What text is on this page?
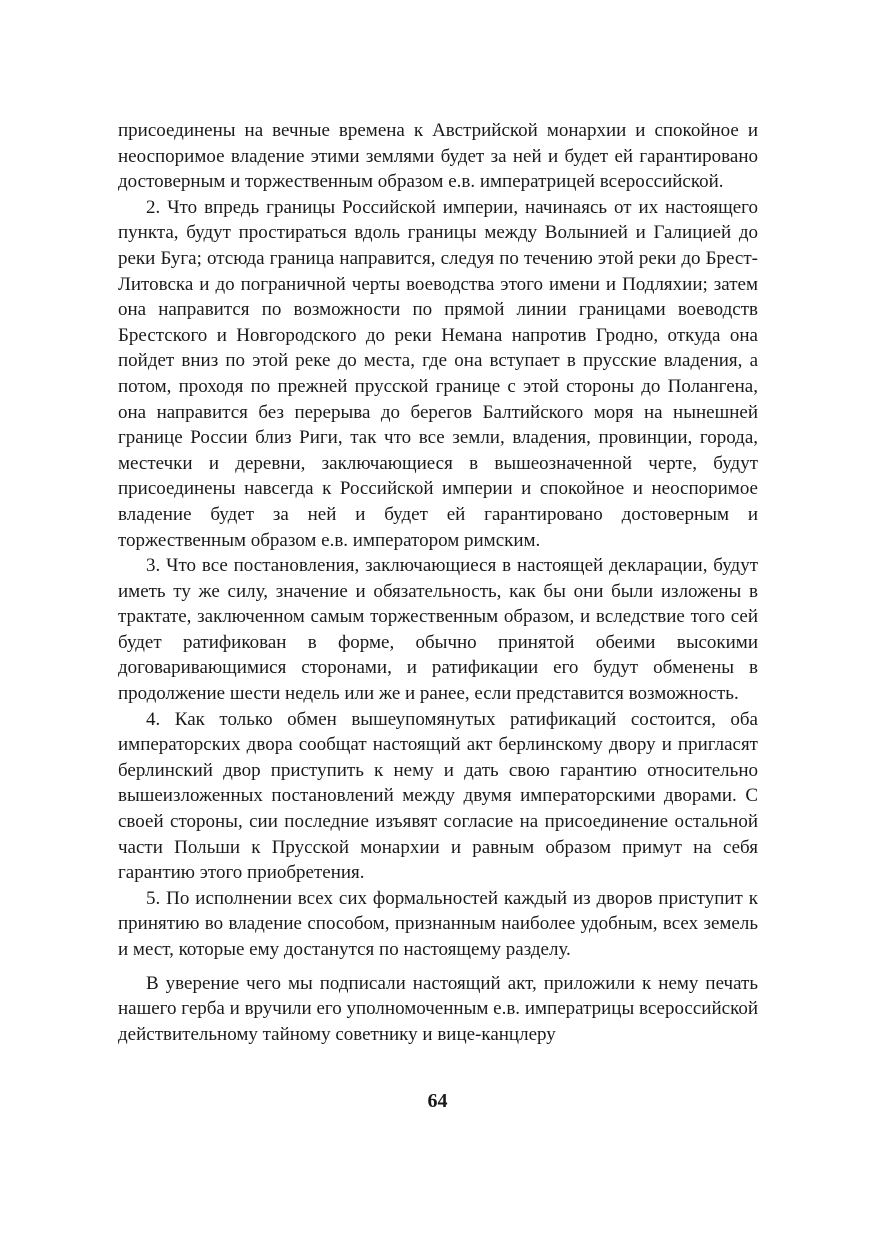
присоединены на вечные времена к Австрийской монархии и спокойное и неоспоримое владение этими землями будет за ней и будет ей гарантировано достоверным и торжественным образом е.в. императрицей всероссийской.

2. Что впредь границы Российской империи, начинаясь от их настоящего пункта, будут простираться вдоль границы между Волынией и Галицией до реки Буга; отсюда граница направится, следуя по течению этой реки до Брест-Литовска и до пограничной черты воеводства этого имени и Подляхии; затем она направится по возможности по прямой линии границами воеводств Брестского и Новгородского до реки Немана напротив Гродно, откуда она пойдет вниз по этой реке до места, где она вступает в прусские владения, а потом, проходя по прежней прусской границе с этой стороны до Полангена, она направится без перерыва до берегов Балтийского моря на нынешней границе России близ Риги, так что все земли, владения, провинции, города, местечки и деревни, заключающиеся в вышеозначенной черте, будут присоединены навсегда к Российской империи и спокойное и неоспоримое владение будет за ней и будет ей гарантировано достоверным и торжественным образом е.в. императором римским.

3. Что все постановления, заключающиеся в настоящей декларации, будут иметь ту же силу, значение и обязательность, как бы они были изложены в трактате, заключенном самым торжественным образом, и вследствие того сей будет ратификован в форме, обычно принятой обеими высокими договаривающимися сторонами, и ратификации его будут обменены в продолжение шести недель или же и ранее, если представится возможность.

4. Как только обмен вышеупомянутых ратификаций состоится, оба императорских двора сообщат настоящий акт берлинскому двору и пригласят берлинский двор приступить к нему и дать свою гарантию относительно вышеизложенных постановлений между двумя императорскими дворами. С своей стороны, сии последние изъявят согласие на присоединение остальной части Польши к Прусской монархии и равным образом примут на себя гарантию этого приобретения.

5. По исполнении всех сих формальностей каждый из дворов приступит к принятию во владение способом, признанным наиболее удобным, всех земель и мест, которые ему достанутся по настоящему разделу.

В уверение чего мы подписали настоящий акт, приложили к нему печать нашего герба и вручили его уполномоченным е.в. императрицы всероссийской действительному тайному советнику и вице-канцлеру

64
